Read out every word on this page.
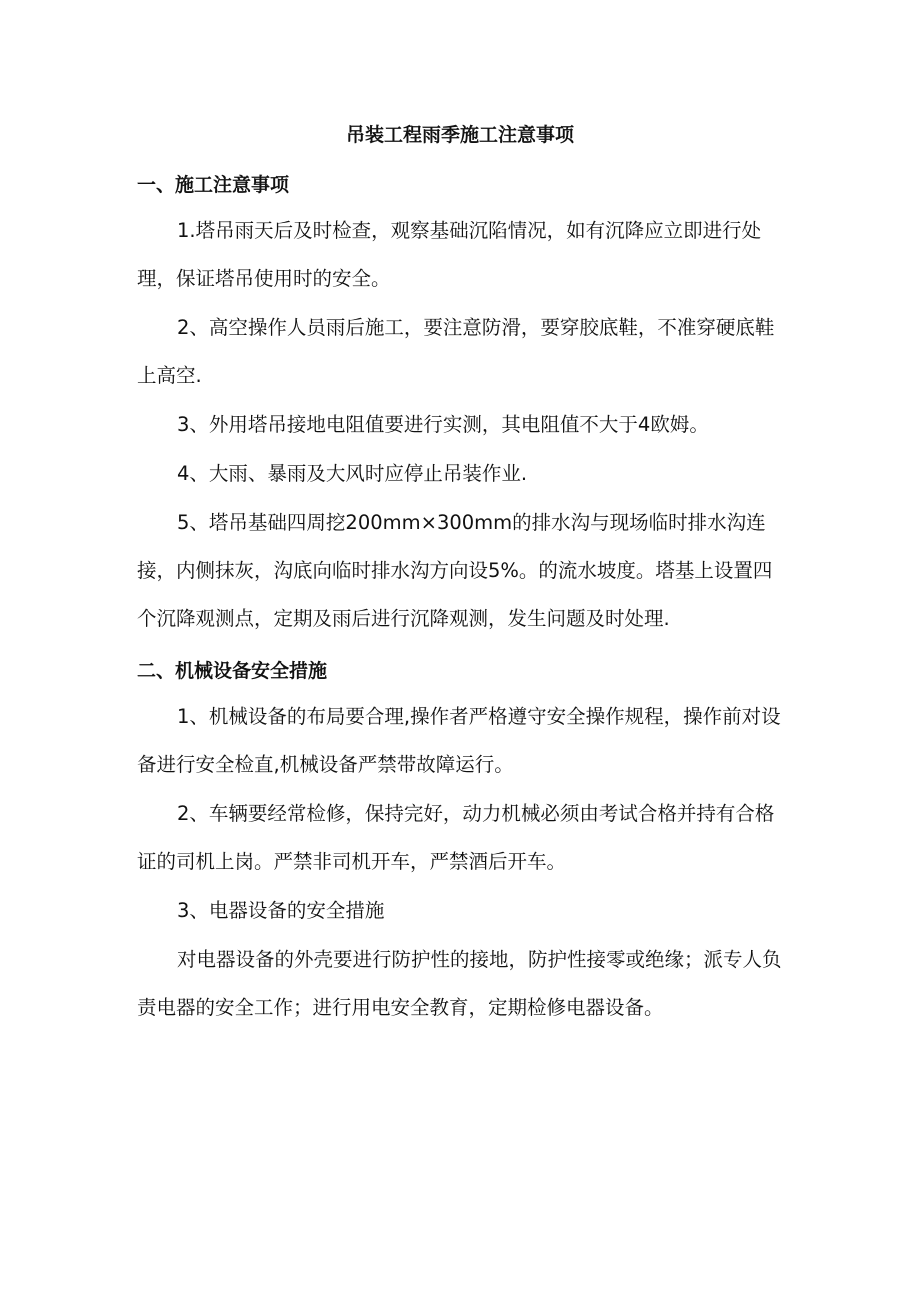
吊装工程雨季施工注意事项
一、施工注意事项

1.塔吊雨天后及时检查，观察基础沉陷情况，如有沉降应立即进行处理，保证塔吊使用时的安全。

2、高空操作人员雨后施工，要注意防滑，要穿胶底鞋，不准穿硬底鞋上高空.

3、外用塔吊接地电阻值要进行实测，其电阻值不大于4欧姆。

4、大雨、暴雨及大风时应停止吊装作业.

5、塔吊基础四周挖200mm×300mm的排水沟与现场临时排水沟连接，内侧抹灰，沟底向临时排水沟方向设5%。的流水坡度。塔基上设置四个沉降观测点，定期及雨后进行沉降观测，发生问题及时处理.

二、机械设备安全措施

1、机械设备的布局要合理,操作者严格遵守安全操作规程，操作前对设备进行安全检直,机械设备严禁带故障运行。

2、车辆要经常检修，保持完好，动力机械必须由考试合格并持有合格证的司机上岗。严禁非司机开车，严禁酒后开车。

3、电器设备的安全措施

对电器设备的外壳要进行防护性的接地，防护性接零或绝缘；派专人负责电器的安全工作；进行用电安全教育，定期检修电器设备。
